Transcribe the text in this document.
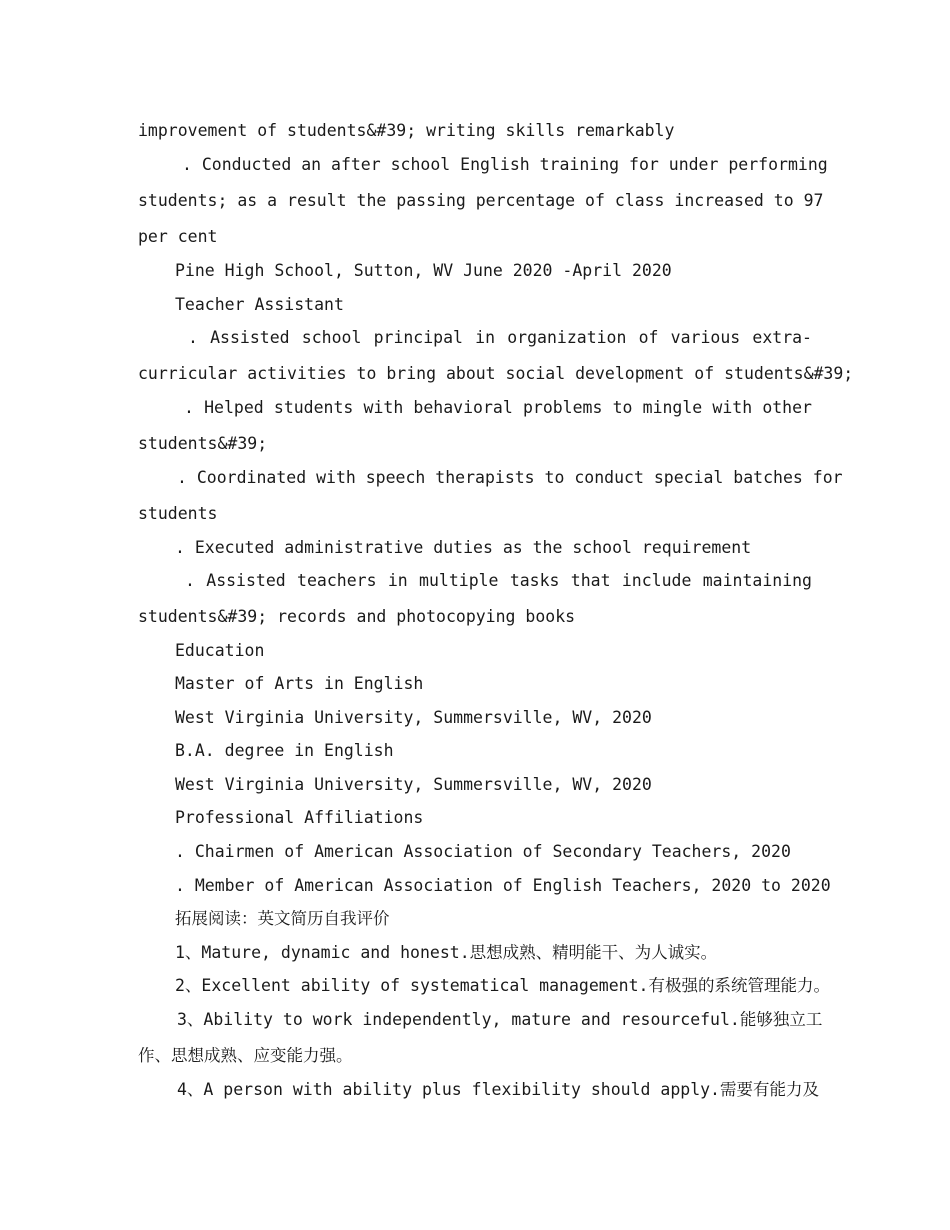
improvement of students&#39; writing skills remarkably

. Conducted an after school English training for under performing

students; as a result the passing percentage of class increased to 97

per cent

Pine High School, Sutton, WV June 2020 -April 2020

Teacher Assistant

. Assisted school principal in organization of various extra-

curricular activities to bring about social development of students&#39;

. Helped students with behavioral problems to mingle with other

students&#39;

. Coordinated with speech therapists to conduct special batches for

students

. Executed administrative duties as the school requirement

. Assisted teachers in multiple tasks that include maintaining

students&#39; records and photocopying books

Education

Master of Arts in English

West Virginia University, Summersville, WV, 2020

B.A. degree in English

West Virginia University, Summersville, WV, 2020

Professional Affiliations

. Chairmen of American Association of Secondary Teachers, 2020

. Member of American Association of English Teachers, 2020 to 2020

拓展阅读：英文简历自我评价

1、Mature, dynamic and honest.思想成熟、精明能干、为人诚实。

2、Excellent ability of systematical management.有极强的系统管理能力。

3、Ability to work independently, mature and resourceful.能够独立工

作、思想成熟、应变能力强。

4、A person with ability plus flexibility should apply.需要有能力及
